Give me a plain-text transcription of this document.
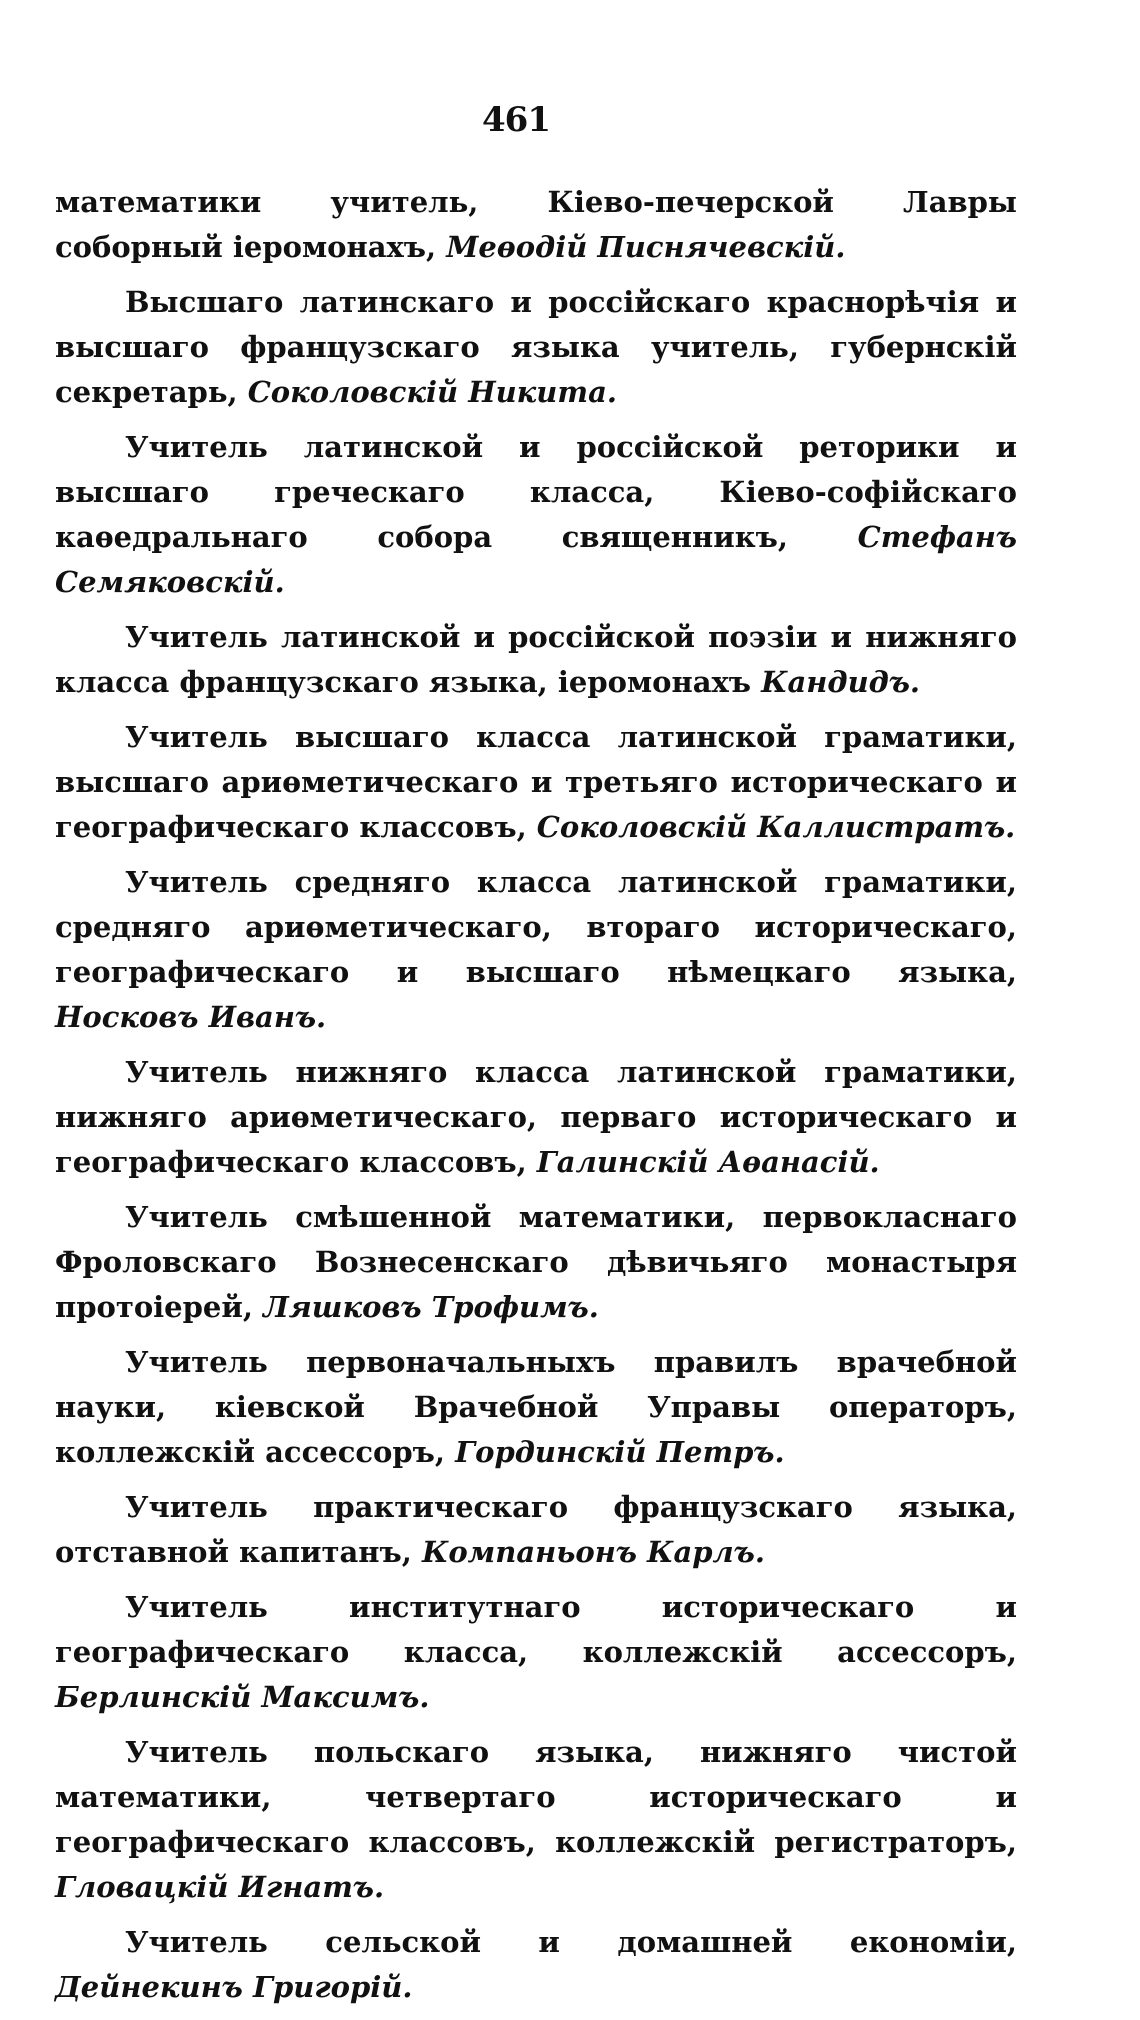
461

математики учитель, Кіево-печерской Лавры соборный іеромонахъ, Меѳодій Писнячевскій.

Высшаго латинскаго и россійскаго краснорѣчія и высшаго французскаго языка учитель, губернскій секретарь, Соколовскій Никита.

Учитель латинской и россійской реторики и высшаго греческаго класса, Кіево-софійскаго каѳедральнаго собора священникъ, Стефанъ Семяковскій.

Учитель латинской и россійской поэзіи и нижняго класса французскаго языка, іеромонахъ Кандидъ.

Учитель высшаго класса латинской граматики, высшаго ариѳметическаго и третьяго историческаго и географическаго классовъ, Соколовскій Каллистратъ.

Учитель средняго класса латинской граматики, средняго ариѳметическаго, втораго историческаго, географическаго и высшаго нѣмецкаго языка, Носковъ Иванъ.

Учитель нижняго класса латинской граматики, нижняго ариѳметическаго, перваго историческаго и географическаго классовъ, Галинскій Аѳанасій.

Учитель смѣшенной математики, первокласнаго Фроловскаго Вознесенскаго дѣвичьяго монастыря протоіерей, Ляшковъ Трофимъ.

Учитель первоначальныхъ правилъ врачебной науки, кіевской Врачебной Управы операторъ, коллежскій ассессоръ, Гординскій Петръ.

Учитель практическаго французскаго языка, отставной капитанъ, Компаньонъ Карлъ.

Учитель институтнаго историческаго и географическаго класса, коллежскій ассессоръ, Берлинскій Максимъ.

Учитель польскаго языка, нижняго чистой математики, четвертаго историческаго и географическаго классовъ, коллежскій регистраторъ, Гловацкій Игнатъ.

Учитель сельской и домашней економіи, Дейнекинъ Григорій.
